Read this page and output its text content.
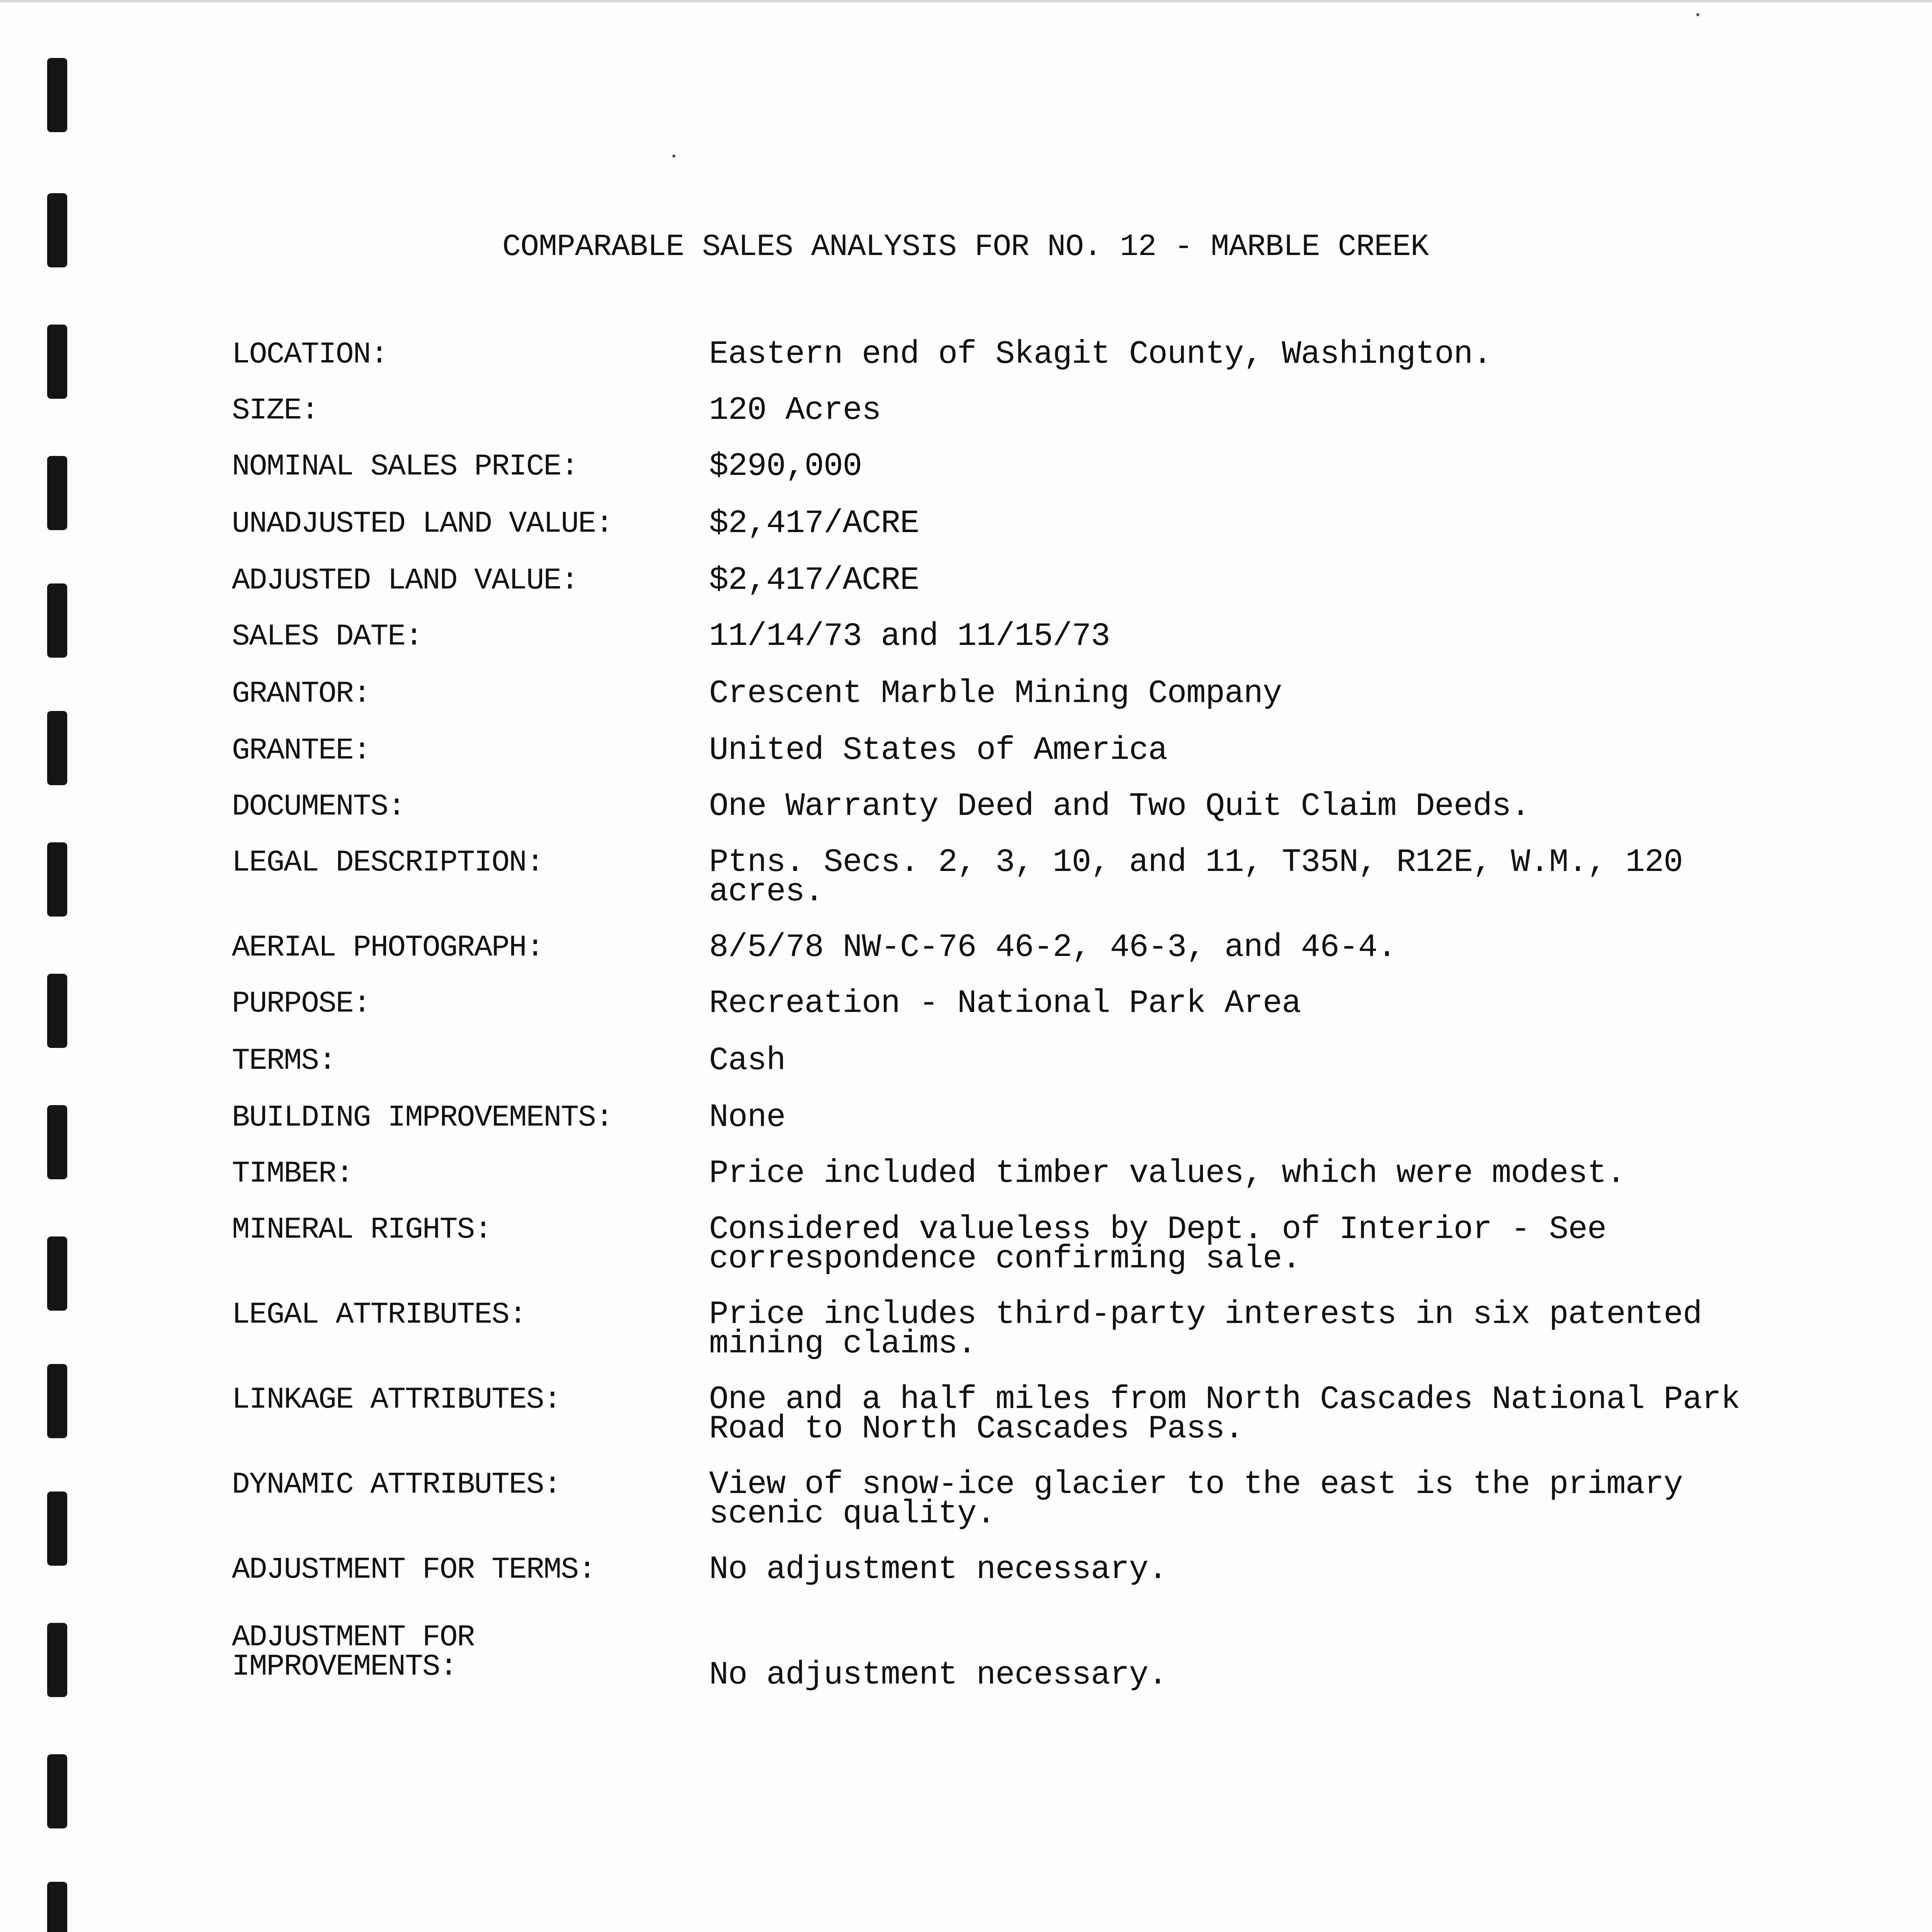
COMPARABLE SALES ANALYSIS FOR NO. 12 - MARBLE CREEK
LOCATION:	Eastern end of Skagit County, Washington.
SIZE:	120 Acres
NOMINAL SALES PRICE:	$290,000
UNADJUSTED LAND VALUE:	$2,417/ACRE
ADJUSTED LAND VALUE:	$2,417/ACRE
SALES DATE:	11/14/73 and 11/15/73
GRANTOR:	Crescent Marble Mining Company
GRANTEE:	United States of America
DOCUMENTS:	One Warranty Deed and Two Quit Claim Deeds.
LEGAL DESCRIPTION:	Ptns. Secs. 2, 3, 10, and 11, T35N, R12E, W.M., 120 acres.
AERIAL PHOTOGRAPH:	8/5/78 NW-C-76 46-2, 46-3, and 46-4.
PURPOSE:	Recreation - National Park Area
TERMS:	Cash
BUILDING IMPROVEMENTS:	None
TIMBER:	Price included timber values, which were modest.
MINERAL RIGHTS:	Considered valueless by Dept. of Interior - See correspondence confirming sale.
LEGAL ATTRIBUTES:	Price includes third-party interests in six patented mining claims.
LINKAGE ATTRIBUTES:	One and a half miles from North Cascades National Park Road to North Cascades Pass.
DYNAMIC ATTRIBUTES:	View of snow-ice glacier to the east is the primary scenic quality.
ADJUSTMENT FOR TERMS:	No adjustment necessary.
ADJUSTMENT FOR
IMPROVEMENTS:	No adjustment necessary.
